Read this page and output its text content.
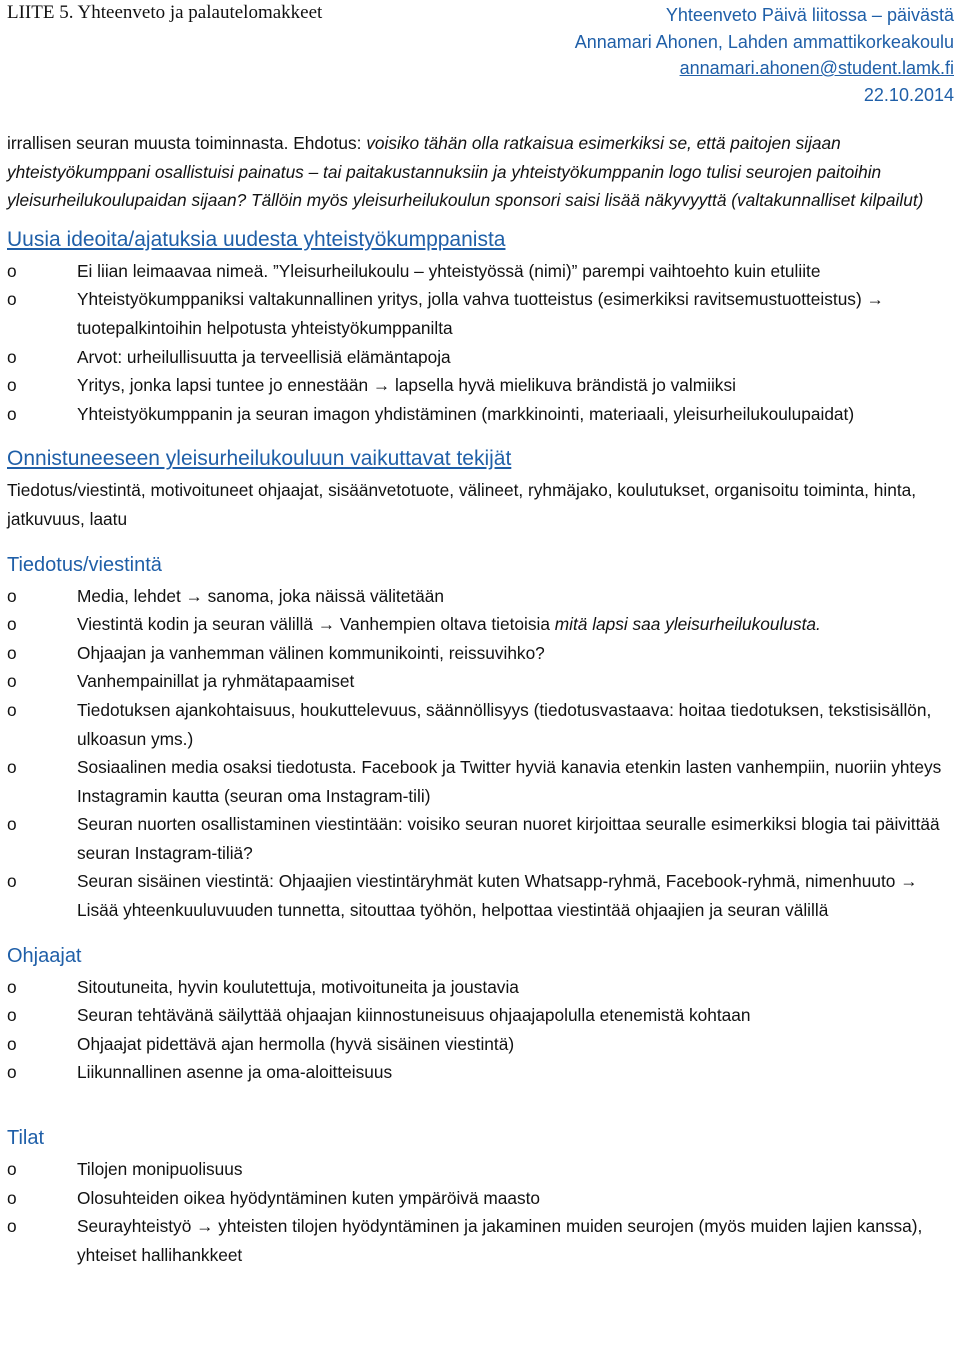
LIITE 5. Yhteenveto ja palautelomakkeet	Yhteenveto Päivä liitossa – päivästä
Annamari Ahonen, Lahden ammattikorkeakoulu
annamari.ahonen@student.lamk.fi
22.10.2014

irrallisen seuran muusta toiminnasta. Ehdotus: voisiko tähän olla ratkaisua esimerkiksi se, että paitojen sijaan yhteistyökumppani osallistuisi painatus – tai paitakustannuksiin ja yhteistyökumppanin logo tulisi seurojen paitoihin yleisurheilukoulupaidan sijaan? Tällöin myös yleisurheilukoulun sponsori saisi lisää näkyvyyttä (valtakunnalliset kilpailut)

Uusia ideoita/ajatuksia uudesta yhteistyökumppanista
o	Ei liian leimaavaa nimeä. ”Yleisurheilukoulu – yhteistyössä (nimi)” parempi vaihtoehto kuin etuliite
o	Yhteistyökumppaniksi valtakunnallinen yritys, jolla vahva tuotteistus (esimerkiksi ravitsemustuotteistus) → tuotepalkintoihin helpotusta yhteistyökumppanilta
o	Arvot: urheilullisuutta ja terveellisiä elämäntapoja
o	Yritys, jonka lapsi tuntee jo ennestään → lapsella hyvä mielikuva brändistä jo valmiiksi
o	Yhteistyökumppanin ja seuran imagon yhdistäminen (markkinointi, materiaali, yleisurheilukoulupaidat)
Onnistuneeseen yleisurheilukouluun vaikuttavat tekijät

Tiedotus/viestintä, motivoituneet ohjaajat, sisäänvetotuote, välineet, ryhmäjako, koulutukset, organisoitu toiminta, hinta, jatkuvuus, laatu

Tiedotus/viestintä
o	Media, lehdet → sanoma, joka näissä välitetään
o	Viestintä kodin ja seuran välillä → Vanhempien oltava tietoisia mitä lapsi saa yleisurheilukoulusta.
o	Ohjaajan ja vanhemman välinen kommunikointi, reissuvihko?
o	Vanhempainillat ja ryhmätapaamiset
o	Tiedotuksen ajankohtaisuus, houkuttelevuus, säännöllisyys (tiedotusvastaava: hoitaa tiedotuksen, tekstisisällön, ulkoasun yms.)
o	Sosiaalinen media osaksi tiedotusta. Facebook ja Twitter hyviä kanavia etenkin lasten vanhempiin, nuoriin yhteys Instagramin kautta (seuran oma Instagram-tili)
o	Seuran nuorten osallistaminen viestintään: voisiko seuran nuoret kirjoittaa seuralle esimerkiksi blogia tai päivittää seuran Instagram-tiliä?
o	Seuran sisäinen viestintä: Ohjaajien viestintäryhmät kuten Whatsapp-ryhmä, Facebook-ryhmä, nimenhuuto → Lisää yhteenkuuluvuuden tunnetta, sitouttaa työhön, helpottaa viestintää ohjaajien ja seuran välillä
Ohjaajat
o	Sitoutuneita, hyvin koulutettuja, motivoituneita ja joustavia
o	Seuran tehtävänä säilyttää ohjaajan kiinnostuneisuus ohjaajapolulla etenemistä kohtaan
o	Ohjaajat pidettävä ajan hermolla (hyvä sisäinen viestintä)
o	Liikunnallinen asenne ja oma-aloitteisuus
Tilat
o	Tilojen monipuolisuus
o	Olosuhteiden oikea hyödyntäminen kuten ympäröivä maasto
o	Seurayhteistyö → yhteisten tilojen hyödyntäminen ja jakaminen muiden seurojen (myös muiden lajien kanssa), yhteiset hallihankkeet
